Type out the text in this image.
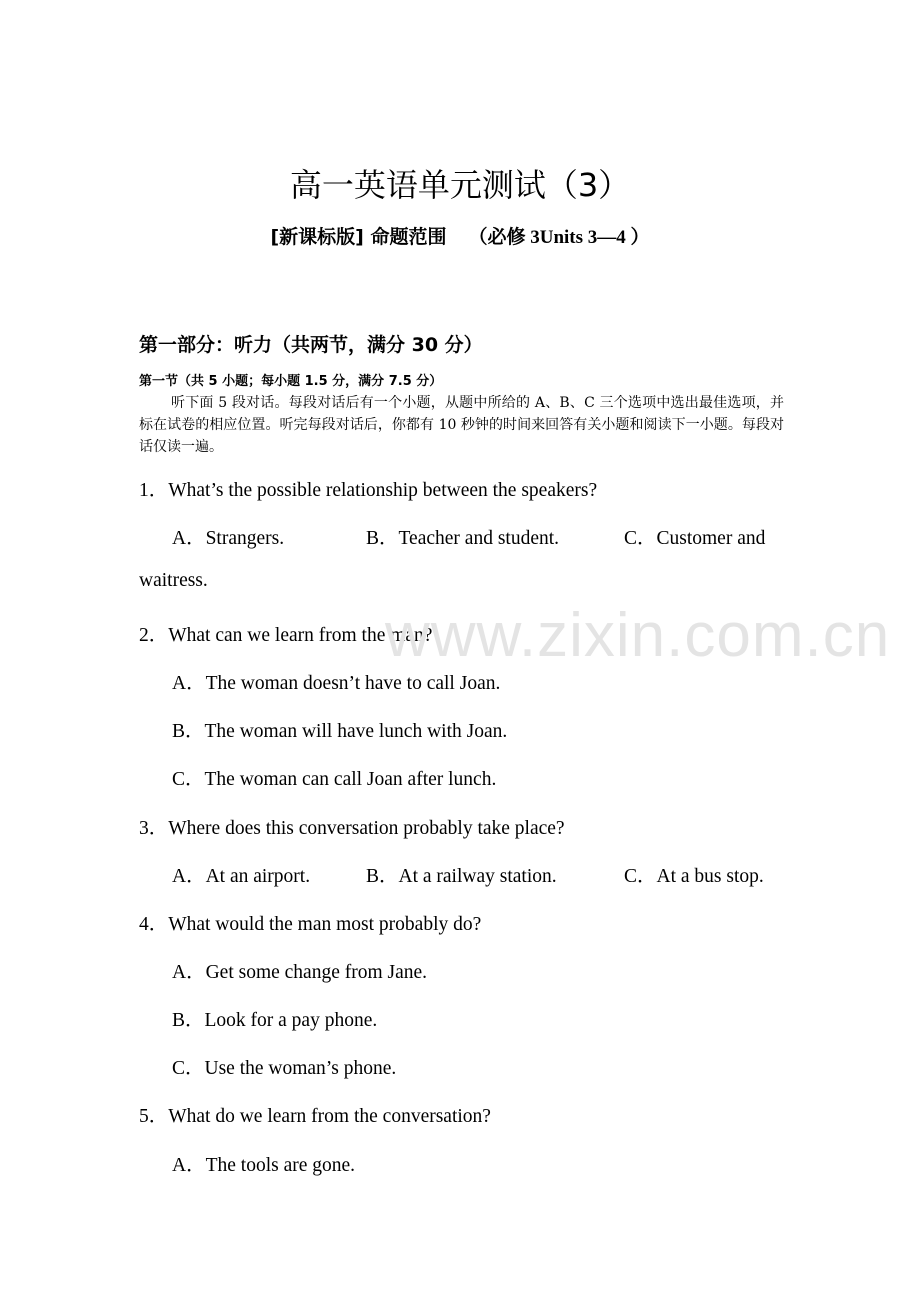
高一英语单元测试（3）
[新课标版] 命题范围 （必修 3Units 3—4 ）
第一部分：听力（共两节，满分 30 分）
第一节（共 5 小题；每小题 1.5 分，满分 7.5 分）
听下面 5 段对话。每段对话后有一个小题，从题中所给的 A、B、C 三个选项中选出最佳选项，并标在试卷的相应位置。听完每段对话后，你都有 10 秒钟的时间来回答有关小题和阅读下一小题。每段对话仅读一遍。
1．What’s the possible relationship between the speakers?
A．Strangers.	B．Teacher and student.	C．Customer and
waitress.
2．What can we learn from the man?
A．The woman doesn’t have to call Joan.
B．The woman will have lunch with Joan.
C．The woman can call Joan after lunch.
3．Where does this conversation probably take place?
A．At an airport.	B．At a railway station.	C．At a bus stop.
4．What would the man most probably do?
A．Get some change from Jane.
B．Look for a pay phone.
C．Use the woman’s phone.
5．What do we learn from the conversation?
A．The tools are gone.
www.zixin.com.cn
